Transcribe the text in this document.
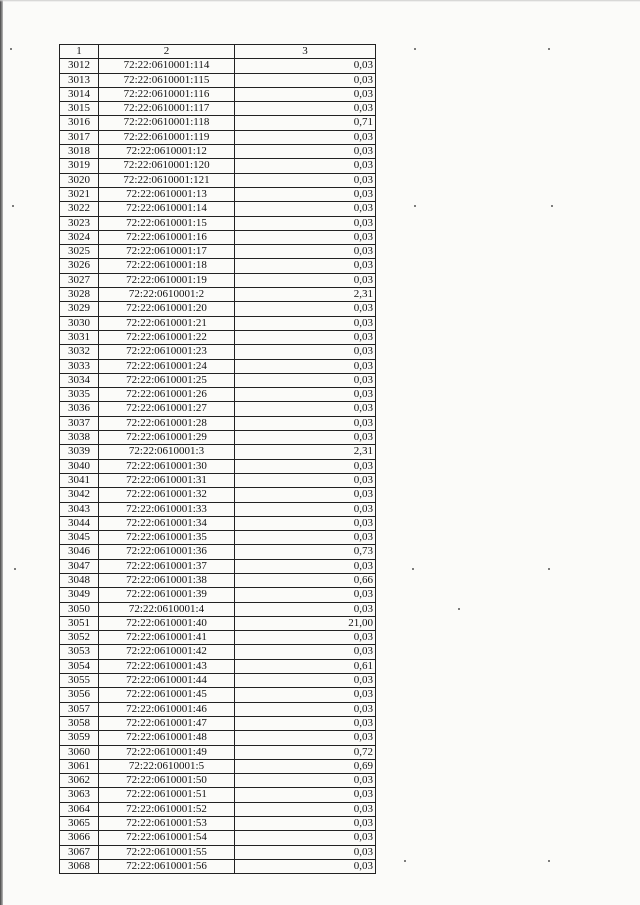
1	2	3
3012	72:22:0610001:114	0,03
3013	72:22:0610001:115	0,03
3014	72:22:0610001:116	0,03
3015	72:22:0610001:117	0,03
3016	72:22:0610001:118	0,71
3017	72:22:0610001:119	0,03
3018	72:22:0610001:12	0,03
3019	72:22:0610001:120	0,03
3020	72:22:0610001:121	0,03
3021	72:22:0610001:13	0,03
3022	72:22:0610001:14	0,03
3023	72:22:0610001:15	0,03
3024	72:22:0610001:16	0,03
3025	72:22:0610001:17	0,03
3026	72:22:0610001:18	0,03
3027	72:22:0610001:19	0,03
3028	72:22:0610001:2	2,31
3029	72:22:0610001:20	0,03
3030	72:22:0610001:21	0,03
3031	72:22:0610001:22	0,03
3032	72:22:0610001:23	0,03
3033	72:22:0610001:24	0,03
3034	72:22:0610001:25	0,03
3035	72:22:0610001:26	0,03
3036	72:22:0610001:27	0,03
3037	72:22:0610001:28	0,03
3038	72:22:0610001:29	0,03
3039	72:22:0610001:3	2,31
3040	72:22:0610001:30	0,03
3041	72:22:0610001:31	0,03
3042	72:22:0610001:32	0,03
3043	72:22:0610001:33	0,03
3044	72:22:0610001:34	0,03
3045	72:22:0610001:35	0,03
3046	72:22:0610001:36	0,73
3047	72:22:0610001:37	0,03
3048	72:22:0610001:38	0,66
3049	72:22:0610001:39	0,03
3050	72:22:0610001:4	0,03
3051	72:22:0610001:40	21,00
3052	72:22:0610001:41	0,03
3053	72:22:0610001:42	0,03
3054	72:22:0610001:43	0,61
3055	72:22:0610001:44	0,03
3056	72:22:0610001:45	0,03
3057	72:22:0610001:46	0,03
3058	72:22:0610001:47	0,03
3059	72:22:0610001:48	0,03
3060	72:22:0610001:49	0,72
3061	72:22:0610001:5	0,69
3062	72:22:0610001:50	0,03
3063	72:22:0610001:51	0,03
3064	72:22:0610001:52	0,03
3065	72:22:0610001:53	0,03
3066	72:22:0610001:54	0,03
3067	72:22:0610001:55	0,03
3068	72:22:0610001:56	0,03
